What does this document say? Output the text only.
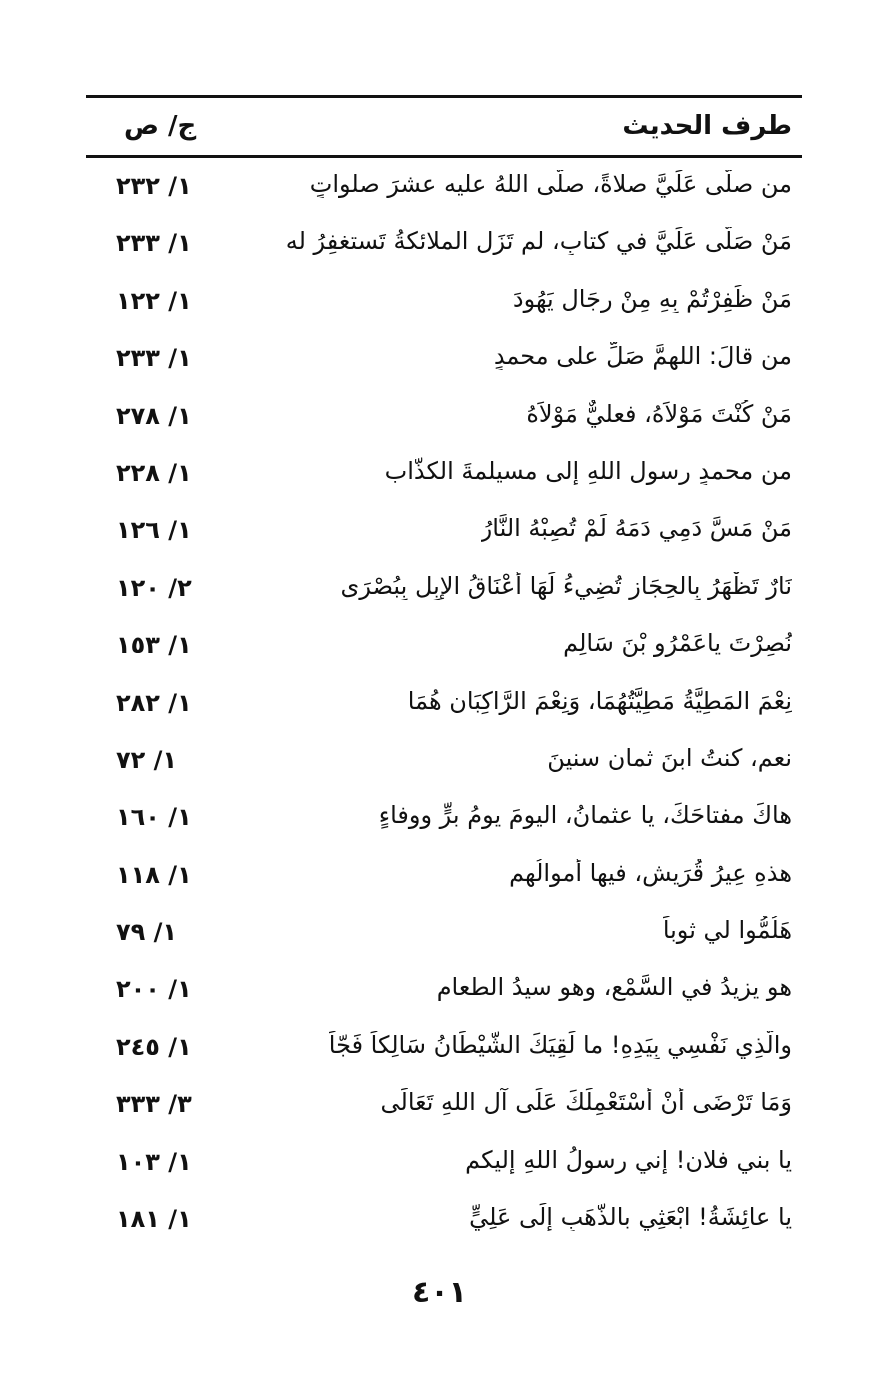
طرف الحديث
ج/ ص
من صلَّى عَلَيَّ صلاةً، صلَّى اللهُ عليه عشرَ صلواتٍ
١/ ٢٣٢
مَنْ صَلَّى عَلَيَّ في كتابٍ، لم تَزَلِ الملائكةُ تَستغفِرُ له
١/ ٢٣٣
مَنْ ظَفِرْتُمْ بِهِ مِنْ رِجَالِ يَهُودَ
١/ ١٢٢
من قالَ: اللهمَّ صَلِّ على محمدٍ
١/ ٢٣٣
مَنْ كُنْتَ مَوْلاَهُ، فعليٌّ مَوْلاَهُ
١/ ٢٧٨
من محمدٍ رسولِ اللهِ إلى مسيلمةَ الكذَّاب
١/ ٢٢٨
مَنْ مَسَّ دَمِي دَمَهُ لَمْ تُصِبْهُ النَّارُ
١/ ١٢٦
نَارٌ تَظْهَرُ بِالحِجَازِ تُضِيءُ لَهَا أَعْنَاقُ الإِبِلِ بِبُصْرَى
٢/ ١٢٠
نُصِرْتَ ياعَمْرُو بْنَ سَالِمِ
١/ ١٥٣
نِعْمَ المَطِيَّةُ مَطِيَّتُهُمَا، وَنِعْمَ الرَّاكِبَانِ هُمَا
١/ ٢٨٢
نعم، كنتُ ابنَ ثمانِ سنينَ
١/ ٧٢
هاكَ مفتاحَكَ، يا عثمانُ، اليومَ يومُ برٍّ ووفاءٍ
١/ ١٦٠
هذهِ عِيرُ قُرَيشٍ، فيها أموالُهم
١/ ١١٨
هَلُمُّوا لي ثوباً
١/ ٧٩
هو يزيدُ في السَّمْعِ، وهو سيدُ الطعامِ
١/ ٢٠٠
والَّذِي نَفْسِي بِيَدِهِ! ما لَقِيَكَ الشَّيْطَانُ سَالِكاً فَجّاً
١/ ٢٤٥
وَمَا تَرْضَى أَنْ أَسْتَعْمِلَكَ عَلَى آلِ اللهِ تَعَالَى
٣/ ٣٣٣
يا بني فلان! إني رسولُ اللهِ إليكم
١/ ١٠٣
يا عائِشَةُ! ابْعَثِي بالذَّهَبِ إِلَى عَلِيٍّ
١/ ١٨١
٤٠١
